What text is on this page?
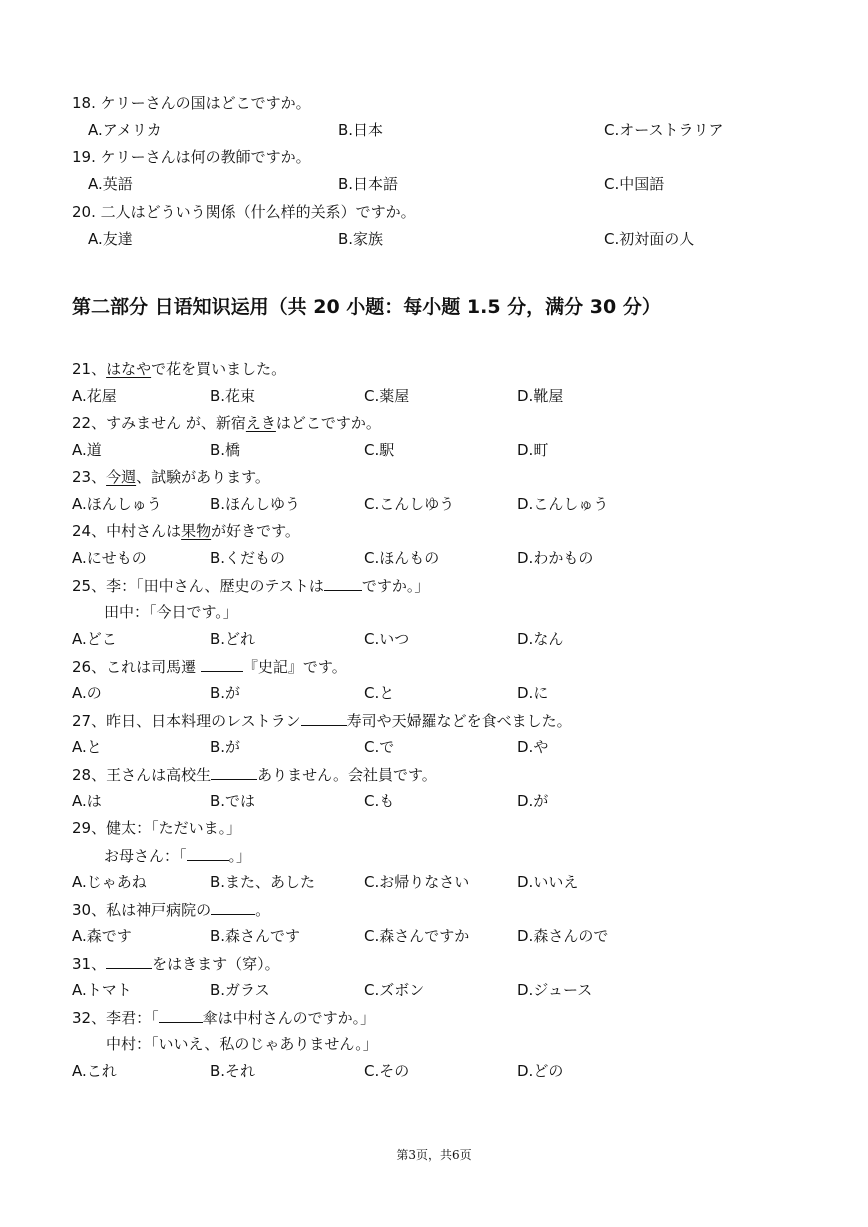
18. ケリーさんの国はどこですか。
A.アメリカ	B.日本	C.オーストラリア
19. ケリーさんは何の教師ですか。
A.英語	B.日本語	C.中国語
20. 二人はどういう関係（什么样的关系）ですか。
A.友達	B.家族	C.初対面の人
第二部分 日语知识运用（共 20 小题：每小题 1.5 分，满分 30 分）
21、はなやで花を買いました。
A.花屋	B.花束	C.薬屋	D.靴屋
22、すみません が、新宿えきはどこですか。
A.道	B.橋	C.駅	D.町
23、今週、試験があります。
A.ほんしゅう	B.ほんしゆう	C.こんしゆう	D.こんしゅう
24、中村さんは果物が好きです。
A.にせもの	B.くだもの	C.ほんもの	D.わかもの
25、李：「田中さん、歴史のテストは	ですか。」
田中：「今日です。」
A.どこ	B.どれ	C.いつ	D.なん
26、これは司馬遷	『史記』です。
A.の	B.が	C.と	D.に
27、昨日、日本料理のレストラン	寿司や天婦羅などを食べました。
A.と	B.が	C.で	D.や
28、王さんは高校生	ありません。会社員です。
A.は	B.では	C.も	D.が
29、健太：「ただいま。」
お母さん：「	。」
A.じゃあね	B.また、あした	C.お帰りなさい	D.いいえ
30、私は神戸病院の	。
A.森です	B.森さんです	C.森さんですか	D.森さんので
31、	をはきます（穿）。
A.トマト	B.ガラス	C.ズボン	D.ジュース
32、李君：「	傘は中村さんのですか。」
中村：「いいえ、私のじゃありません。」
A.これ	B.それ	C.その	D.どの
第3页，共6页
